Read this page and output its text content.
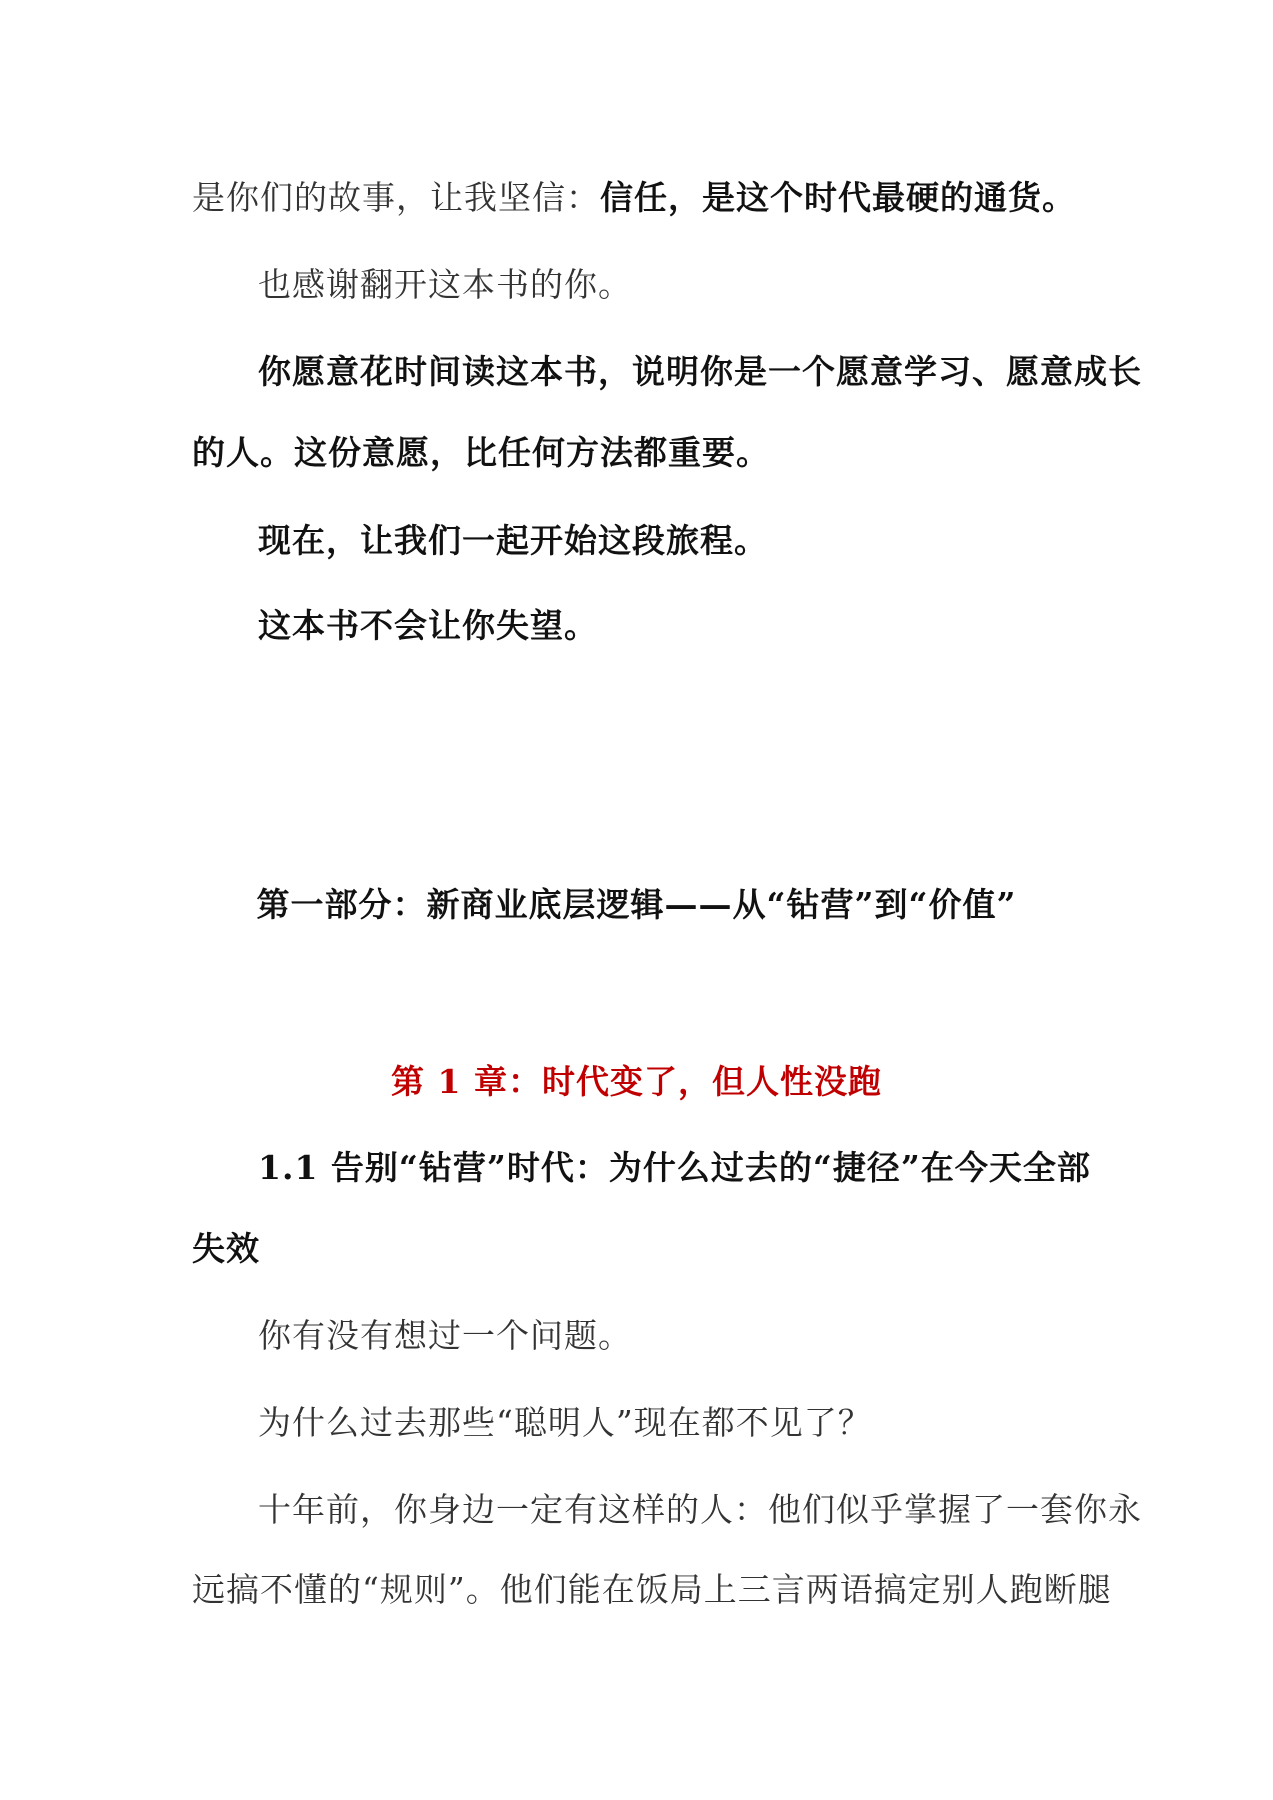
是你们的故事，让我坚信：信任，是这个时代最硬的通货。
也感谢翻开这本书的你。
你愿意花时间读这本书，说明你是一个愿意学习、愿意成长
的人。这份意愿，比任何方法都重要。
现在，让我们一起开始这段旅程。
这本书不会让你失望。
第一部分：新商业底层逻辑——从“钻营”到“价值”
第 1 章：时代变了，但人性没跑
1.1 告别“钻营”时代：为什么过去的“捷径”在今天全部
失效
你有没有想过一个问题。
为什么过去那些“聪明人”现在都不见了？
十年前，你身边一定有这样的人：他们似乎掌握了一套你永
远搞不懂的“规则”。他们能在饭局上三言两语搞定别人跑断腿
